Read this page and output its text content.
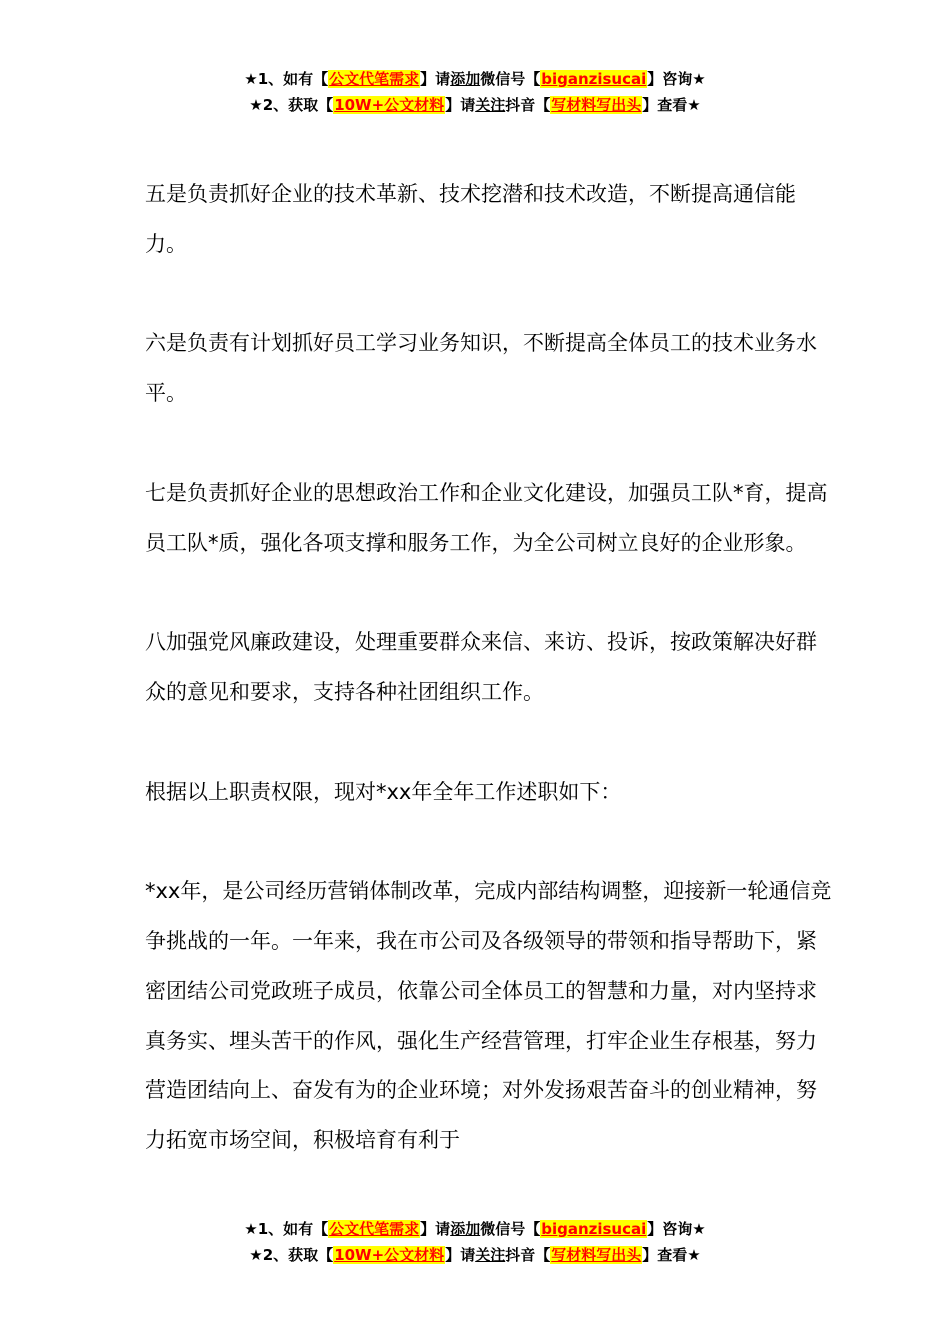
★1、如有【公文代笔需求】请添加微信号【biganzisucai】咨询★
★2、获取【10W+公文材料】请关注抖音【写材料写出头】查看★

五是负责抓好企业的技术革新、技术挖潜和技术改造，不断提高通信能力。

六是负责有计划抓好员工学习业务知识，不断提高全体员工的技术业务水平。

七是负责抓好企业的思想政治工作和企业文化建设，加强员工队*育，提高员工队*质，强化各项支撑和服务工作，为全公司树立良好的企业形象。

八加强党风廉政建设，处理重要群众来信、来访、投诉，按政策解决好群众的意见和要求，支持各种社团组织工作。

根据以上职责权限，现对*xx年全年工作述职如下：

*xx年，是公司经历营销体制改革，完成内部结构调整，迎接新一轮通信竞争挑战的一年。一年来，我在市公司及各级领导的带领和指导帮助下，紧密团结公司党政班子成员，依靠公司全体员工的智慧和力量，对内坚持求真务实、埋头苦干的作风，强化生产经营管理，打牢企业生存根基，努力营造团结向上、奋发有为的企业环境；对外发扬艰苦奋斗的创业精神，努力拓宽市场空间，积极培育有利于

★1、如有【公文代笔需求】请添加微信号【biganzisucai】咨询★
★2、获取【10W+公文材料】请关注抖音【写材料写出头】查看★
